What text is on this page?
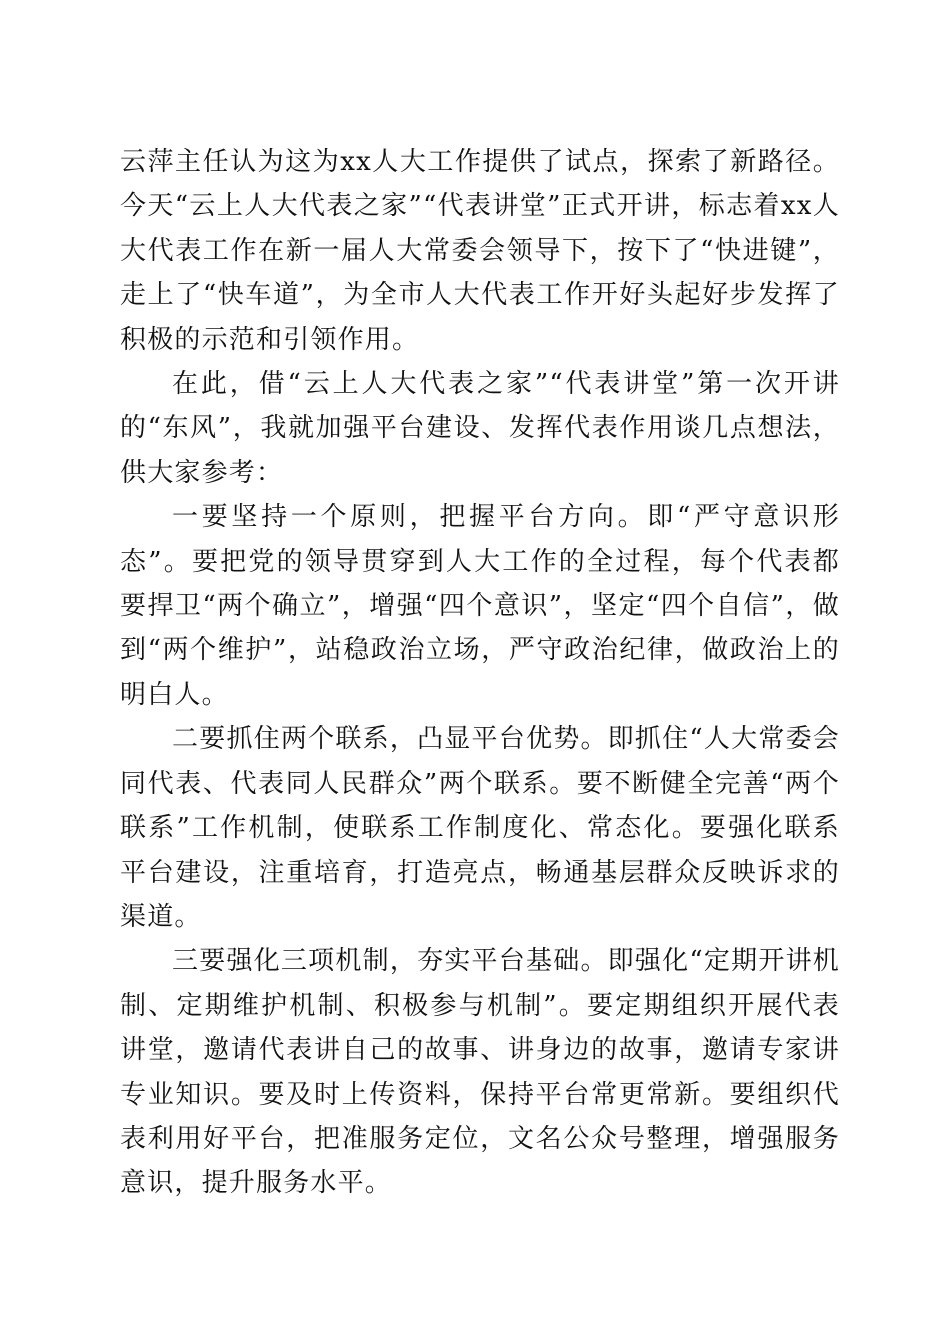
云萍主任认为这为xx人大工作提供了试点，探索了新路径。今天“云上人大代表之家”“代表讲堂”正式开讲，标志着xx人大代表工作在新一届人大常委会领导下，按下了“快进键”，走上了“快车道”，为全市人大代表工作开好头起好步发挥了积极的示范和引领作用。

在此，借“云上人大代表之家”“代表讲堂”第一次开讲的“东风”，我就加强平台建设、发挥代表作用谈几点想法，供大家参考：

一要坚持一个原则，把握平台方向。即“严守意识形态”。要把党的领导贯穿到人大工作的全过程，每个代表都要捍卫“两个确立”，增强“四个意识”，坚定“四个自信”，做到“两个维护”，站稳政治立场，严守政治纪律，做政治上的明白人。

二要抓住两个联系，凸显平台优势。即抓住“人大常委会同代表、代表同人民群众”两个联系。要不断健全完善“两个联系”工作机制，使联系工作制度化、常态化。要强化联系平台建设，注重培育，打造亮点，畅通基层群众反映诉求的渠道。

三要强化三项机制，夯实平台基础。即强化“定期开讲机制、定期维护机制、积极参与机制”。要定期组织开展代表讲堂，邀请代表讲自己的故事、讲身边的故事，邀请专家讲专业知识。要及时上传资料，保持平台常更常新。要组织代表利用好平台，把准服务定位，文名公众号整理，增强服务意识，提升服务水平。
